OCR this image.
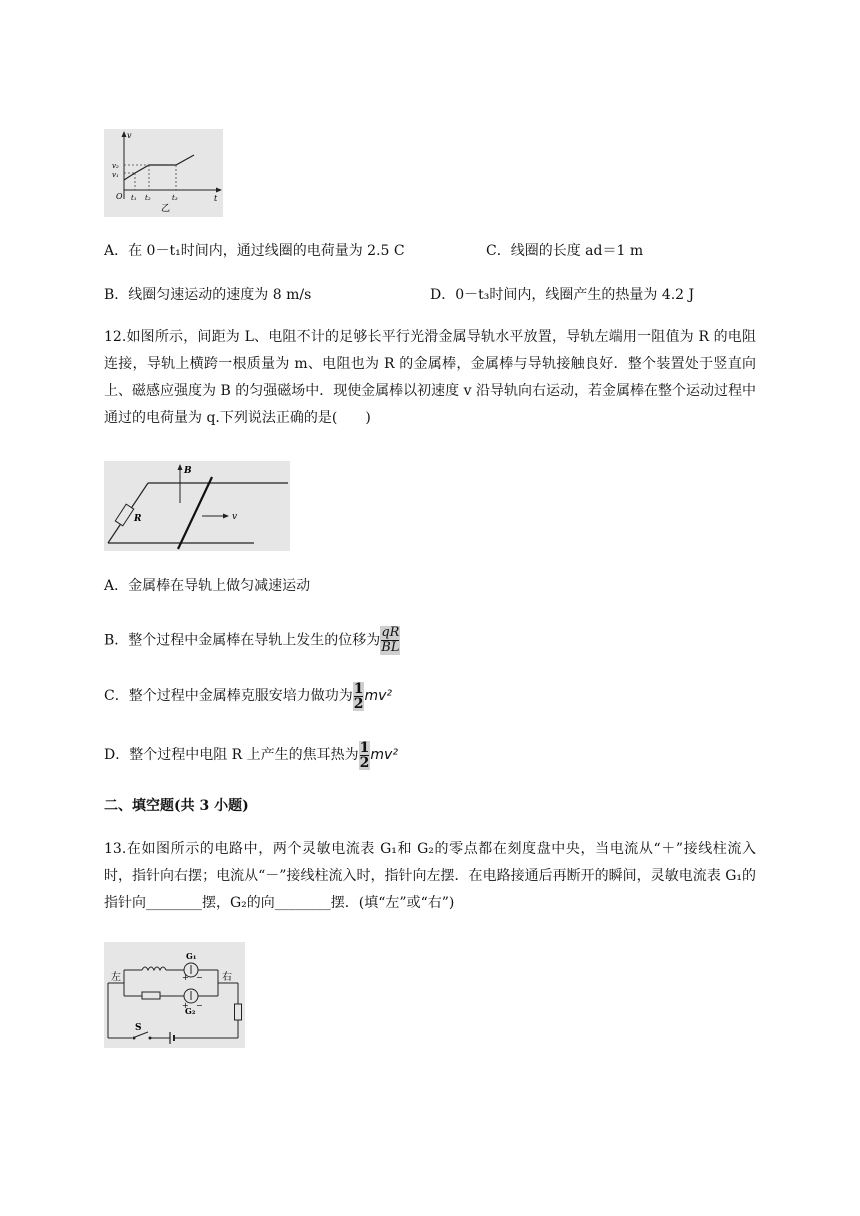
v
t
O
v₂
v₁
t₁ t₂	t₃
乙
A．在 0－t₁时间内，通过线圈的电荷量为 2.5 C	C．线圈的长度 ad＝1 m
B．线圈匀速运动的速度为 8 m/s	D．0－t₃时间内，线圈产生的热量为 4.2 J
12.如图所示，间距为 L、电阻不计的足够长平行光滑金属导轨水平放置，导轨左端用一阻值为 R 的电阻连接，导轨上横跨一根质量为 m、电阻也为 R 的金属棒，金属棒与导轨接触良好．整个装置处于竖直向上、磁感应强度为 B 的匀强磁场中．现使金属棒以初速度 v 沿导轨向右运动，若金属棒在整个运动过程中通过的电荷量为 q.下列说法正确的是(　　)
B
R	v
A．金属棒在导轨上做匀减速运动
B．整个过程中金属棒在导轨上发生的位移为 $\frac{qR}{BL}$
C．整个过程中金属棒克服安培力做功为 $\frac{1}{2} mv^2$
D．整个过程中电阻 R 上产生的焦耳热为 $\frac{1}{2} mv^2$
二、填空题(共 3 小题)
13.在如图所示的电路中，两个灵敏电流表 G₁和 G₂的零点都在刻度盘中央，当电流从“＋”接线柱流入时，指针向右摆；电流从“－”接线柱流入时，指针向左摆．在电路接通后再断开的瞬间，灵敏电流表 G₁的指针向________摆，G₂的向________摆．(填“左”或“右”)
左	右
G₁
G₂
+ −
+ −
S
